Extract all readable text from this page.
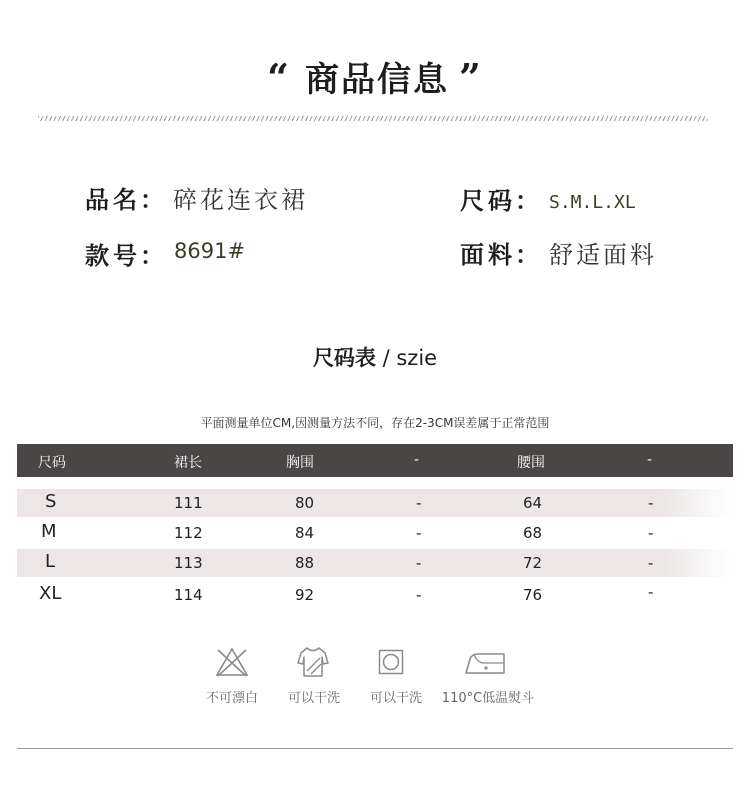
“ 商品信息 ”
品名 ： 碎花连衣裙	尺码 ： S.M.L.XL
款号 ： 8691#	面料 ： 舒适面料
尺码表 / szie
平面测量单位CM,因测量方法不同，存在2-3CM误差属于正常范围
尺码	裙长	胸围	-	腰围	-
S	111	80	-	64	-
M	112	84	-	68	-
L	113	88	-	72	-
XL	114	92	-	76	-
不可漂白	可以干洗	可以干洗	110°C低温熨斗
